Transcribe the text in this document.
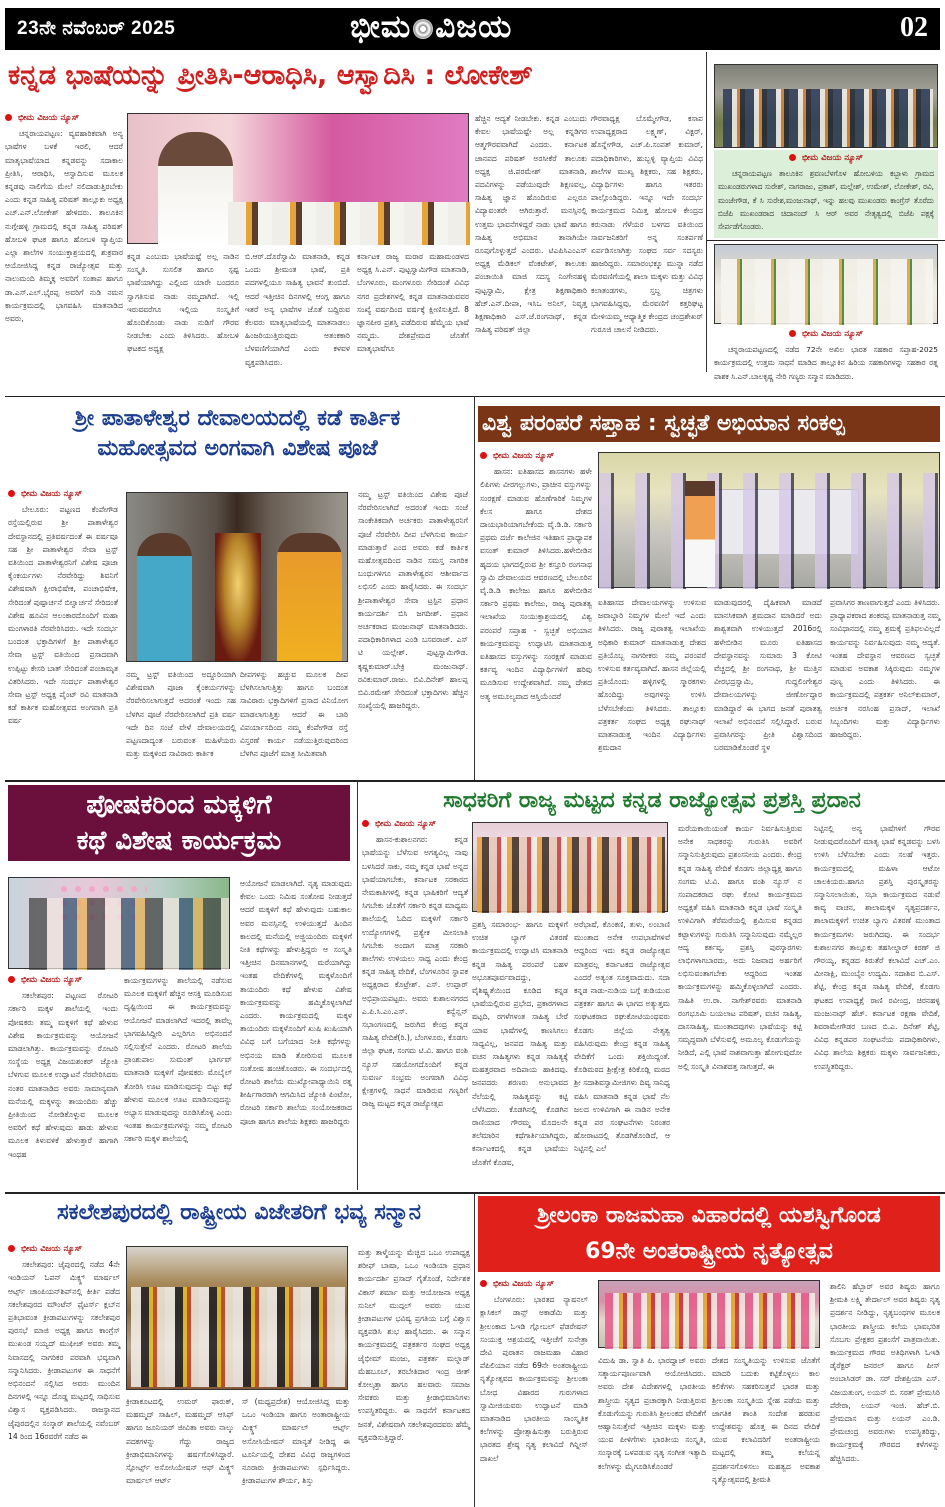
23ನೇ ನವೆಂಬರ್ 2025	ಭೀಮ ವಿಜಯ	02
ಕನ್ನಡ ಭಾಷೆಯನ್ನು ಪ್ರೀತಿಸಿ-ಆರಾಧಿಸಿ, ಆಸ್ವಾದಿಸಿ : ಲೋಕೇಶ್
ಭೀಮ ವಿಜಯ ನ್ಯೂಸ್

ಚನ್ನರಾಯಪಟ್ಟಣ: ವ್ಯವಹಾರಿಕವಾಗಿ ಅನ್ಯ ಭಾಷೆಗಳ ಬಳಕೆ ಇರಲಿ, ಆದರೆ ಮಾತೃಭಾಷೆಯಾದ ಕನ್ನಡವನ್ನು ಸದಾಕಾಲ ಪ್ರೀತಿಸಿ, ಆರಾಧಿಸಿ, ಆಸ್ವಾದಿಸುವ ಮೂಲಕ ಕನ್ನಡವು ನಾಲಿಗೆಯ ಮೇಲೆ ನಲಿದಾಡುತ್ತಿರಬೇಕು ಎಂದು ಕನ್ನಡ ಸಾಹಿತ್ಯ ಪರಿಷತ್ ತಾಲ್ಲೂಕು ಅಧ್ಯಕ್ಷ ಎಚ್.ಎನ್.ಲೋಕೇಶ್ ಹೇಳಿದರು. ತಾಲೂಕಿನ ನುಗ್ಗೇಹಳ್ಳಿ ಗ್ರಾಮದಲ್ಲಿ ಕನ್ನಡ ಸಾಹಿತ್ಯ ಪರಿಷತ್ ಹೋಬಳಿ ಘಟಕ ಹಾಗೂ ಹೋಬಳಿ ವ್ಯಾಪ್ತಿಯ ಎಲ್ಲಾ ಶಾಲೆಗಳ ಸಂಯುಕ್ತಾಶ್ರಯದಲ್ಲಿ ಶುಕ್ರವಾರ ಆಯೋಜಿಸಿದ್ದ ಕನ್ನಡ ರಾಜ್ಯೋತ್ಸವ ಮತ್ತು ನಾಲುಮಂದಿ ತಿಮ್ಮಕ್ಕ ಅವರಿಗೆ ಸಂತಾಪ ಹಾಗೂ ಡಾ.ಎಸ್.ಎಲ್.ಭೈರಪ್ಪ ಅವರಿಗೆ ನುಡಿ ನಮನ ಕಾರ್ಯಕ್ರಮದಲ್ಲಿ ಭಾಗವಹಿಸಿ ಮಾತನಾಡಿದ ಅವರು,

ಕನ್ನಡ ಎಂಬುದು ಭಾಷೆಯಷ್ಟೆ ಅಲ್ಲ ನಾಡಿನ ಸಂಸ್ಕೃತಿ. ಸುಸಲಿತ ಹಾಗೂ ಸ್ಪಷ್ಟ ಭಾಷೆಯಾಗಿದ್ದು ಎಲ್ಲಿಂದ ಯಾರೇ ಬಂದರೂ ಸ್ವಾಗತಿಸುವ ನಾಡು ನಮ್ಮದಾಗಿದೆ. ಇಲ್ಲಿ ಇರುವವರೆಗೂ ಇಲ್ಲಿಯ ಸಂಸ್ಕೃತಿಗೆ ಹೊಂದಿಕೊಂಡು ನಾಡು ನುಡಿಗೆ ಗೌರವ ನೀಡಬೇಕು ಎಂದು ತಿಳಿಸಿದರು. ಹೋಬಳಿ ಘಟಕದ ಅಧ್ಯಕ್ಷ
ಬಿ.ಆರ್.ದೊರೆಸ್ವಾಮಿ ಮಾತನಾಡಿ, ಕನ್ನಡ ಒಂದು ಶ್ರೀಮಂತ ಭಾಷೆ, ಪ್ರತಿ ಪದಗಳಲ್ಲಿಯೂ ಸಾಹಿತ್ಯ ಭಾವನೆ ತುಂಬಿದೆ. ಆದರೆ ಇತ್ತೀಚಿನ ದಿನಗಳಲ್ಲಿ ಆಂಗ್ಲ ಹಾಗೂ ಇತರೆ ಅನ್ಯ ಭಾಷೆಗಳ ಜೊತೆ ಬದ್ದಿರುವ ಕೆಲವರು ಮಾತೃಭಾಷೆಯಲ್ಲಿ ಮಾತನಾಡಲು ಹಿಂಜರಿಯುತ್ತಿರುವುದು ಆತಂಕಕಾರಿ ಬೆಳವಣಿಗೆಯಾಗಿದೆ ಎಂದು ಕಳವಳ ವ್ಯಕ್ತಪಡಿಸಿದರು.
ಕರ್ನಾಟಕ ರಾಜ್ಯ ಮರಾಠ ಮಹಾಮಂಡಳದ ಅಧ್ಯಕ್ಷ ಸಿ.ಎನ್. ಪುಟ್ಟಸ್ವಾಮಿಗೌಡ ಮಾತನಾಡಿ, ಬೆಂಗಳೂರು, ಮಂಗಳೂರು ಸೇರಿದಂತೆ ವಿವಿಧ ನಗರ ಪ್ರದೇಶಗಳಲ್ಲಿ ಕನ್ನಡ ಮಾತನಾಡುವವರ ಸಂಖ್ಯೆ ವರ್ಷದಿಂದ ವರ್ಷಕ್ಕೆ ಕ್ಷೀಣಿಸುತ್ತಿದೆ. 8 ಜ್ಞಾನಪೀಠ ಪ್ರಶಸ್ತಿ ಪಡೆದಿರುವ ಹೆಮ್ಮೆಯ ಭಾಷೆ ನಮ್ಮದು. ದೇಶಪ್ರೇಮದ ಜೊತೆಗೆ ಮಾತೃಭಾಷೆಗೂ
ಹೆಚ್ಚಿನ ಆದ್ಯತೆ ನೀಡಬೇಕು. ಕನ್ನಡ ಎಂಬುದು ಕೇವಲ ಭಾಷೆಯಷ್ಟೇ ಅಲ್ಲ ಕನ್ನಡಿಗರ ಆತ್ಮಗೌರವವಾಗಿದೆ ಎಂದರು. ಕರ್ನಾಟಕ ಜಾನಪದ ಪರಿಷತ್ ಅರಸೀಕೆರೆ ತಾಲೂಕು ಅಧ್ಯಕ್ಷ ಜಿ.ಪರಮೇಶ್ ಮಾತನಾಡಿ, ಪದವಿಗಳನ್ನು ಪಡೆಯುವುದೇ ಶಿಕ್ಷಣವಲ್ಲ, ಸಾಹಿತ್ಯ ಜ್ಞಾನ ಹೊಂದಿರುವ ಎಲ್ಲರೂ ವಿದ್ಯಾವಂತರೇ ಆಗಿರುತ್ತಾರೆ. ಮನಸ್ಸಿನಲ್ಲಿ ಉತ್ತಮ ಭಾವನೆಗಳಿದ್ದರೆ ನಾಡು ಭಾಷೆ ಹಾಗೂ ಸಾಹಿತ್ಯ ಅಭಿಮಾನ ತಾನಾಗಿಯೇ ರೂಪುಗೊಳ್ಳುತ್ತದೆ ಎಂದರು. ಟಿಎಪಿಸಿಎಂಎಸ್ ಅಧ್ಯಕ್ಷ ಮೆಡಿಕಲ್ ವೆಂಕಟೇಶ್, ತಾಲೂಕು ಪಂಚಾಯಿತಿ ಮಾಜಿ ಸದಸ್ಯ ನಿಂಗೇನಹಳ್ಳಿ ಪುಟ್ಟಸ್ವಾಮಿ, ಕ್ಷೇತ್ರ ಶಿಕ್ಷಣಾಧಿಕಾರಿ ಹೆಚ್.ಎನ್.ದೀಪಾ, ಇಸಿಒ ಅನಿಲ್, ನಿವೃತ್ತ ಶಿಕ್ಷಣಾಧಿಕಾರಿ ಎಸ್.ಜೆ.ರಂಗನಾಥ್, ಕನ್ನಡ ಸಾಹಿತ್ಯ ಪರಿಷತ್ ಜಿಲ್ಲಾ
ಗೌರವಾಧ್ಯಕ್ಷ ಬೊಮ್ಮೇಗೌಡ, ಕಸಾಪ ಉಪಾಧ್ಯಕ್ಷರಾದ ಲಕ್ಷ್ಮಣ್, ವಿಕ್ಟರ್, ಹೊನ್ನೇಗೌಡ, ಎಚ್.ಪಿ.ಸಂಪತ್ ಕುಮಾರ್, ಪದಾಧಿಕಾರಿಗಳು, ಹುಬ್ಬಳ್ಳಿ ವ್ಯಾಪ್ತಿಯ ವಿವಿಧ ಶಾಲೆಗಳ ಮುಖ್ಯ ಶಿಕ್ಷಕರು, ಸಹ ಶಿಕ್ಷಕರು, ವಿದ್ಯಾರ್ಥಿಗಳು ಹಾಗೂ ಇತರರು ಪಾಲ್ಗೊಂಡಿದ್ದರು. ಇನ್ನೂ ಇದೇ ಸಂದರ್ಭ ಕಾರ್ಯಕ್ರಮದ ನಿಮಿತ್ತ ಹೋಬಳಿ ಕೇಂದ್ರದ ಕರುನಾಡು ಗೆಳೆಯರ ಬಳಗದ ವತಿಯಿಂದ ಸಾರ್ವಜನಿಕರಿಗೆ ಅನ್ನ ಸಂತರ್ಪಣೆ ಏರ್ಪಡಿಸಲಾಗಿತ್ತು ಸಂಘದ ಸರ್ವ ಸದಸ್ಯರು ಹಾಜರಿದ್ದರು. ಸಮಾರಂಭಕ್ಕೂ ಮುನ್ನಾ ನಡೆದ ಮೆರವಣಿಗೆಯಲ್ಲಿ ಶಾಲಾ ಮಕ್ಕಳು ಮತ್ತು ವಿವಿಧ ಕಲಾತಂಡಗಳು, ಸ್ತಬ್ಧ ಚಿತ್ರಗಳು ಭಾಗವಹಿಸಿದ್ದವು, ಮೆರವಣಿಗೆ ಕತ್ತರಿಘಟ್ಟ ಮೇಳಿಯಮ್ಮ ಆಧ್ಯಾತ್ಮಿಕ ಕೇಂದ್ರದ ಚಂದ್ರಶೇಖರ್ ಗುರೂಜಿ ಚಾಲನೆ ನೀಡಿದರು.
ಭೀಮ ವಿಜಯ ನ್ಯೂಸ್

ಚನ್ನರಾಯಪಟ್ಟಣ ತಾಲೂಕಿನ ಶ್ರವಣಬೆಳಗೊಳ ಹೋಬಳಿಯ ಕಬ್ಬಾಳು ಗ್ರಾಮದ ಮುಖಂಡರುಗಳಾದ ಸುರೇಶ್, ನಾಗರಾಜು, ಪ್ರಕಾಶ್, ಮಲ್ಲೇಶ್, ಉಮೇಶ್, ಲೋಕೇಶ್, ರವಿ, ಮಂಜೇಗೌಡ, ಕೆ ಸಿ ಸುರೇಶ,ಮಂಜುನಾಥ್, ಇನ್ನು ಹಲವು ಮುಖಂಡರು ಕಾಂಗ್ರೆಸ್ ತೊರೆದು ಬಿಜೆಪಿ ಮುಖಂಡರಾದ ಚಿದಾನಂದ್ ಸಿ ಆರ್ ಅವರ ನೇತೃತ್ವದಲ್ಲಿ ಬಿಜೆಪಿ ಪಕ್ಷಕ್ಕೆ ಸೇರ್ಪಡೆಗೊಂಡರು.

ಭೀಮ ವಿಜಯ ನ್ಯೂಸ್

ಚನ್ನರಾಯಪಟ್ಟಣದಲ್ಲಿ ನಡೆದ 72ನೇ ಅಖಿಲ ಭಾರತ ಸಹಕಾರ ಸಪ್ತಾಹ-2025 ಕಾರ್ಯಕ್ರಮದಲ್ಲಿ ಉತ್ತಮ ಸಾಧನೆ ಮಾಡಿದ ತಾಲ್ಲೂಕಿನ ಹಿರಿಯ ಸಹಕಾರಿಗಳನ್ನು ಸಹಕಾರ ರತ್ನ ಪಾಶಕ ಸಿ.ಎನ್.ಬಾಲಕೃಷ್ಣ ನೇರಿ ಗಣ್ಯರು ಸನ್ಮಾನ ಮಾಡಿದರು.

ಶ್ರೀ ಪಾತಾಳೇಶ್ವರ ದೇವಾಲಯದಲ್ಲಿ ಕಡೆ ಕಾರ್ತಿಕ
ಮಹೋತ್ಸವದ ಅಂಗವಾಗಿ ವಿಶೇಷ ಪೂಜೆ
ಭೀಮ ವಿಜಯ ನ್ಯೂಸ್

ಬೇಲೂರು: ಪಟ್ಟಣದ ಕೆಂಪೇಗೌಡ ರಸ್ತೆಯಲ್ಲಿರುವ ಶ್ರೀ ಪಾತಾಳೇಶ್ವರ ದೇವಸ್ಥಾನದಲ್ಲಿ ಪ್ರತಿವರ್ಷದಂತೆ ಈ ವರ್ಷವೂ ಸಹ ಶ್ರೀ ಪಾತಾಳೇಶ್ವರ ಸೇವಾ ಟ್ರಸ್ಟ್ ವತಿಯಿಂದ ಪಾತಾಳೇಶ್ವರನಿಗೆ ವಿಶೇಷ ಪೂಜಾ ಕೈಂಕರ್ಯಗಳು ನೆರವೇರಿದ್ದು ಶಿವನಿಗೆ ವಿಶೇಷವಾಗಿ ಕ್ಷೀರಾಭಿಷೇಕ, ಪಂಚಾಭಿಷೇಕ, ಸೇರಿದಂತೆ ಪುಷ್ಪಾರ್ಚನೆ ಬಿಲ್ವಾರ್ಚನೆ ಸೇರಿದಂತೆ ವಿಶೇಷ ಹೂವಿನ ಆಲಂಕಾರದೊಂದಿಗೆ ಮಹಾ ಮಂಗಳಾರತಿ ನೆರವೇರಿಸಿದರು. ಇದೇ ಸಂದರ್ಭ ಬಂದಂತ ಭಕ್ತಾದಿಗಳಿಗೆ ಶ್ರೀ ಪಾತಾಳೇಶ್ವರ ಸೇವಾ ಟ್ರಸ್ಟ್ ವತಿಯಿಂದ ಪ್ರಸಾದವಾಗಿ ಉಪ್ಪಿಟ್ಟು ಕೇಸರಿ ಬಾತ್ ಸೇರಿದಂತೆ ಪಂಚಾಮೃತ ವಿತರಿಸಿದರು. ಇದೇ ಸಂದರ್ಭ ಪಾತಾಳೇಶ್ವರ ಸೇವಾ ಟ್ರಸ್ಟ್ ಅಧ್ಯಕ್ಷ ಪೈಂಟ್ ರವಿ ಮಾತನಾಡಿ ಕಡೆ ಕಾರ್ತಿಕ ಮಹೋತ್ಸವದ ಅಂಗವಾಗಿ ಪ್ರತಿ ವರ್ಷ

ನಮ್ಮ ಟ್ರಸ್ಟ್ ವತಿಯಿಂದ ಅದ್ದೂರಿಯಾಗಿ ವಿಶೇಷವಾಗಿ ಪೂಜಾ ಕೈಂಕರ್ಯಗಳನ್ನು ನೆರವೇರಿಸಲಾಗುತ್ತದೆ ಅದರಂತೆ ಇಂದು ಸಹ ಬೆಳಗಿನ ಪೂಜೆ ನೆರವೇರಿಸಲಾಗಿದೆ ಪ್ರತಿ ವರ್ಷ ಇದೇ ದಿನ ಸಂಜೆ ವೇಳೆ ದೇವಾಲಯದಲ್ಲಿ ಪಟ್ಟಣದಾದ್ಯಂತ ಬರುವಂತ ಮಹಿಳೆಯರು ಮತ್ತು ಮಕ್ಕಳಿಂದ ಸಾವಿರಾರು ಕಾರ್ತಿಕ
ದೀಪಗಳನ್ನು ಹಚ್ಚುವ ಮೂಲಕ ದೀಪ ಬೆಳಗಿಸಲಾಗುತ್ತಿತ್ತು ಹಾಗೂ ಬಂದಂತ ಸಾವಿರಾರು ಭಕ್ತಾದಿಗಳಿಗೆ ಪ್ರಸಾದ ವಿನಿಯೋಗ ಮಾಡಲಾಗುತ್ತಿತ್ತು ಆದರೆ ಈ ಬಾರಿ ವಿಪರ್ಯಾಸದಿಂದ ನಮ್ಮ ಕೆಂಪೇಗೌಡ ರಸ್ತೆ ವಿಸ್ತರಣೆ ಕಾರ್ಯ ನಡೆಯುತ್ತಿರುವುದರಿಂದ ಬೆಳಗಿನ ಪೂಜೆಗೆ ಮಾತ್ರ ಸೀಮಿತವಾಗಿ
ನಮ್ಮ ಟ್ರಸ್ಟ್ ವತಿಯಿಂದ ವಿಶೇಷ ಪೂಜೆ ನೆರವೇರಿಸಲಾಗಿದೆ ಅದರಂತೆ ಇಂದು ಸಂಜೆ ಸಾಂಕೇತಿಕವಾಗಿ ಅರ್ಚಕರು ಪಾತಾಳೇಶ್ವರನಿಗೆ ಪೂಜೆ ನೆರವೇರಿಸಿ ದೀಪ ಬೆಳಗಿಸುವ ಕಾರ್ಯ ಮಾಡುತ್ತಾರೆ ಎಂದ ಅವರು ಕಡೆ ಕಾರ್ತಿಕ ಮಹೋತ್ಸವದಿಂದ ನಾಡಿನ ಸಮಸ್ತ ನಾಗರಿಕ ಬಂಧುಗಳಿಗೂ ಪಾತಾಳೇಶ್ವರನ ಆಶೀರ್ವಾದ ಲಭಿಸಲಿ ಎಂದು ಹಾರೈಸಿದರು. ಈ ಸಂದರ್ಭ ಶ್ರೀಪಾತಾಳೇಶ್ವರ ಸೇವಾ ಟ್ರಸ್ಟಿನ ಪ್ರಧಾನ ಕಾರ್ಯದರ್ಶಿ ಬಿಸಿ ಜಗದೀಶ್. ಪ್ರಧಾನ ಅರ್ಚಕರಾದ ಮಂಜುನಾಥ್ ಮಾತನಾಡಿದರು. ಪದಾಧಿಕಾರಿಗಳಾದ ಎಂಡಿ ಬಸವರಾಜ್. ಎಸ್ ಟಿ ಯಲ್ಲೇಶ್. ಪುಟ್ಟಸ್ವಾಮಿಗೌಡ. ಕೃಷ್ಣಕುಮಾರ್.ಬೇಕ್ರಿ ಮಂಜುನಾಥ್. ರವಿಕುಮಾರ್.ರಾಜು. ಬಿವಿ.ದಿನೇಶ್ ಹಾಲಪ್ಪ ಬಿವಿ.ರಮೇಶ್ ಸೇರಿದಂತೆ ಭಕ್ತಾದಿಗಳು ಹೆಚ್ಚಿನ ಸಂಖ್ಯೆಯಲ್ಲಿ ಹಾಜರಿದ್ದರು.
ವಿಶ್ವ ಪರಂಪರೆ ಸಪ್ತಾಹ : ಸ್ವಚ್ಛತೆ ಅಭಿಯಾನ ಸಂಕಲ್ಪ
ಭೀಮ ವಿಜಯ ನ್ಯೂಸ್

ಹಾಸನ: ಐತಿಹಾಸದ ಶಾಸನಗಳು ಹಳೇ ಲಿಪಿಗಳು ವೀರಗಲ್ಲುಗಳು, ಪ್ರಾಚೀನ ವಸ್ತುಗಳನ್ನು ಸಂರಕ್ಷಣೆ ಮಾಡುವ ಹೊಣೆಗಾರಿಕೆ ನಿಮ್ಮಗಳ ಕೆಲಸ ಹಾಗೂ ದೇಶದ ದಾಯಭಾರಿಯಾಗಬೇಕೆಂದು ವೈ.ಡಿ.ಡಿ. ಸರ್ಕಾರಿ ಪ್ರಥಮ ದರ್ಜೆ ಕಾಲೇಜಿನ ಇತಿಹಾಸ ಪ್ರಾಧ್ಯಾಪಕ ವಸಂತ್ ಕುಮಾರ್ ತಿಳಿಸಿದರು.ಹಳೇಬೀಡಿನ ಹೃದಯ ಭಾಗದಲ್ಲಿರುವ ಶ್ರೀ ಕಸ್ತೂರಿ ರಂಗನಾಥ ಸ್ವಾಮಿ ದೇವಾಲಯದ ಆವರಣದಲ್ಲಿ ಬೇಲೂರಿನ ವೈ.ಡಿ.ಡಿ ಕಾಲೇಜು ಹಾಗೂ ಹಳೇಬೀಡಿನ ಸರ್ಕಾರಿ ಪ್ರಥಮ ಕಾಲೇಜು, ರಾಜ್ಯ ಪುರಾತತ್ವ ಇಲಾಖೆಯ ಸಂಯುಕ್ತಾಶ್ರಯದಲ್ಲಿ ವಿಶ್ವ ಪರಂಪರೆ ಸಪ್ತಾಹ - ಸ್ವಚ್ಛತೆ ಅಭಿಯಾನ ಕಾರ್ಯಕ್ರಮವನ್ನು ಉದ್ಘಾಟಿಸಿ ಮಾತನಾಡುತ್ತ ಐತಿಹಾಸದ ವಸ್ತುಗಳನ್ನು ಸಂರಕ್ಷಣೆ ಮಾಡುವ ಕರ್ತವ್ಯ ಇಂದಿನ ವಿದ್ಯಾರ್ಥಿಗಳಿಗೆ ಹರಿವು ಮೂಡಿಸುವ ಉದ್ದೇಶವಾಗಿದೆ. ನಮ್ಮ ದೇಶದ ಅತ್ಯ ಅಮೂಲ್ಯವಾದ ಆಸ್ತಿಯೆಂದರೆ

ಐತಿಹಾಸದ ದೇವಾಲಯಗಳನ್ನು ಉಳಿಸುವ ಜವಾಬ್ದಾರಿ ನಿಮ್ಮಗಳ ಮೇಲೆ ಇದೆ ಎಂದು ತಿಳಿಸಿದರು. ರಾಜ್ಯ ಪುರಾತತ್ವ ಇಲಾಖೆಯ ಅಧಿಕಾರಿ ಕುಮಾರ್ ಮಾತನಾಡುತ್ತ ದೇಶದ ಪ್ರತಿಯೊಬ್ಬ ನಾಗರೀಕರು ನಮ್ಮ ಪರಂಪರೆ ಉಳಿಸುವ ಕರ್ತವ್ಯವಾಗಿದೆ. ಹಾಸನ ಜಿಲ್ಲೆಯಲ್ಲಿ ಪ್ರತಿಯೊಂದು ಹಳ್ಳಿಗಳಲ್ಲಿ ಸ್ಮಾರಕಗಳು ಹೊಂದಿದ್ದು ಅವುಗಳನ್ನು ಉಳಿಸಿ ಬೆಳೆಸಬೇಕೆಂದು ತಿಳಿಸಿದರು. ತಾಲ್ಲೂಕು ಪತ್ರಕರ್ತ ಸಂಘದ ಅಧ್ಯಕ್ಷ ರಘುನಾಥ್ ಮಾತನಾಡುತ್ತ ಇಂದಿನ ವಿದ್ಯಾರ್ಥಿಗಳು ಶ್ರಮದಾನ
ಮಾಡುವುದರಲ್ಲಿ ದೈಹಿಕವಾಗಿ ಮಾಡದೆ ಮಾನಸಿಕವಾಗಿ ಶ್ರಮದಾನ ಮಾಡಿದರೆ ಅದು ಶಾಶ್ವತವಾಗಿ ಉಳಿಯುತ್ತದೆ 2016ರಲ್ಲಿ ಹಳೇಬೀಡಿನ ಮೂರು ಐತಿಹಾಸದ ದೇವಸ್ಥಾನವನ್ನು ಸುಮಾರು 3 ಕೋಟಿ ವೆಚ್ಚದಲ್ಲಿ ಶ್ರೀ ರಂಗನಾಥ, ಶ್ರೀ ಮುತ್ತಿನ ವೀರಭದ್ರಸ್ವಾಮಿ, ಗುದ್ದಲಿಂಗೇಶ್ವರ ದೇವಾಲಯಗಳನ್ನು ಜೀರ್ಣೋದ್ಧಾರ ಮಾಡಿದ್ದಾರೆ ಈ ಭಾಗದ ಜನತೆ ಪುರಾತತ್ವ ಇಲಾಖೆ ಅಭಿನಂದನೆ ಸಲ್ಲಿಸಿದ್ದಾರೆ. ಬರುವ ಪ್ರವಾಸಿಗರನ್ನು ಪ್ರೀತಿ ವಿಶ್ವಾಸದಿಂದ ಬರಮಾಡಿಕೊಂಡರೆ ಸ್ಥಳ
ಪ್ರವಾಸಿಗರ ತಾಣವಾಗುತ್ತದೆ ಎಂದು ತಿಳಿಸಿದರು. ಪ್ರಾಧ್ಯಾಪಕರಾದ ಶಂಕರಪ್ಪ ಮಾತನಾಡುತ್ತ ನಮ್ಮ ಸಂವಿಧಾನದಲ್ಲಿ ನಮ್ಮ ಶ್ರಮಕ್ಕೆ ಪ್ರತಿಫಲವಿಲ್ಲದೆ ಕಾರ್ಯವನ್ನು ನಿರ್ವಹಿಸುವುದು ನಮ್ಮ ಆದ್ಯತೆ. ಇಂತಹ ದೇವಸ್ಥಾನ ಆವರಣದ ಸ್ವಚ್ಛತೆ ಮಾಡುವ ಅವಕಾಶ ಸಿಕ್ಕಿರುವುದು ನಮ್ಮಗಳ ಪುಣ್ಯ ಎಂದು ತಿಳಿಸಿದರು. ಈ ಕಾರ್ಯಕ್ರಮದಲ್ಲಿ ಪತ್ರಕರ್ತ ಅನಿಲ್‌ಕುಮಾರ್, ಅರ್ಚಕ ನರಸಿಂಹ ಪ್ರಸಾದ್, ಇಲಾಖೆ ಸಿಬ್ಬಂದಿಗಳು ಮತ್ತು ವಿದ್ಯಾರ್ಥಿಗಳು ಹಾಜರಿದ್ದರು.
ಪೋಷಕರಿಂದ ಮಕ್ಕಳಿಗೆ
ಕಥೆ ವಿಶೇಷ ಕಾರ್ಯಕ್ರಮ
ಭೀಮ ವಿಜಯ ನ್ಯೂಸ್

ಸಕಲೇಶಪುರ: ಪಟ್ಟಣದ ರೋಟರಿ ಸರ್ಕಾರಿ ಮಕ್ಕಳ ಶಾಲೆಯಲ್ಲಿ ಇಂದು ಪೋಷಕರು ತಮ್ಮ ಮಕ್ಕಳಿಗೆ ಕಥೆ ಹೇಳುವ ವಿಶೇಷ ಕಾರ್ಯಕ್ರಮವನ್ನು ಆಯೋಜನೆ ಮಾಡಲಾಗಿತ್ತು. ಕಾರ್ಯಕ್ರಮವನ್ನು ರೋಟರಿ ಸಂಸ್ಥೆಯ ಅಧ್ಯಕ್ಷ ವಿಜಯಶಂಕರ್ ಜ್ಯೋತಿ ಬೆಳಗುವ ಮೂಲಕ ಉದ್ಘಾಟನೆ ನೆರವೇರಿಸಿದರು ನಂತರ ಮಾತನಾಡಿದ ಅವರು ಸಾಮಾನ್ಯವಾಗಿ ಮನೆಯಲ್ಲಿ ಮಕ್ಕಳನ್ನು ತಾಯಂದಿರು ಹೆಚ್ಚು ಪ್ರೀತಿಯಿಂದ ನೋಡಿಕೊಳ್ಳುವ ಮೂಲಕ ಅವರಿಗೆ ಕಥೆ ಹೇಳುವುದು ಹಾಡು ಹೇಳುವ ಮೂಲಕ ತಿಳುವಳಿಕೆ ಹೇಳುತ್ತಾರೆ ಹಾಗಾಗಿ ಇಂಥಹ

ಕಾರ್ಯಕ್ರಮಗಳನ್ನು ಶಾಲೆಯಲ್ಲಿ ನಡೆಸುವ ಮೂಲಕ ಮಕ್ಕಳಿಗೆ ಹೆಚ್ಚಿನ ಆಸಕ್ತಿ ಮೂಡಿಸುವ ದೃಷ್ಟಿಯಿಂದ ಈ ಕಾರ್ಯಕ್ರಮವನ್ನು ಆಯೋಜನೆ ಮಾಡಲಾಗಿದೆ ಇದರಲ್ಲಿ ತಾವೆಲ್ಲ ಭಾಗವಹಿಸಿದ್ದೀರಿ ಎಲ್ಲರಿಗೂ ಅಭಿನಂದನೆ ಸಲ್ಲಿಸುತ್ತೇನೆ ಎಂದರು. ರೋಟರಿ ಶಾಲೆಯ ಪ್ರಾಂಶುಪಾಲ ಸುಮಂತ್ ಭಾರ್ಗವ್ ಮಾತನಾಡಿ ಮಕ್ಕಳಿಗೆ ಪೋಷಕರು ಮೊಬೈಲ್ ತೋರಿಸಿ ಊಟ ಮಾಡಿಸುವುದನ್ನು ಬಿಟ್ಟು ಕಥೆ ಹೇಳುವ ಮೂಲಕ ಊಟ ಮಾಡಿಸುವುದನ್ನು ಅಭ್ಯಾಸ ಮಾಡುವುದನ್ನು ರೂಡಿಸಿಕೊಳ್ಳಿ ಎಂದು ಇಂತಹ ಕಾರ್ಯಕ್ರಮಗಳನ್ನು ನಮ್ಮ ರೋಟರಿ ಸರ್ಕಾರಿ ಮಕ್ಕಳ ಶಾಲೆಯಲ್ಲಿ
ಆಯೋಜನೆ ಮಾಡಲಾಗಿದೆ. ನೃತ್ಯ ಮಾಡುವುದು ಕೇವಲ ಒಂದು ನಿಮಿಷ ಸಂತೋಷ ನೀಡುತ್ತದೆ ಆದರೆ ಮಕ್ಕಳಿಗೆ ಕಥೆ ಹೇಳುವುದು ಬಹುಕಾಲ ಅವರ ಮನಸ್ಸಿನಲ್ಲಿ ಉಳಿಯುತ್ತದೆ ಹಿಂದಿನ ಕಾಲದಲ್ಲಿ ಮನೆಯಲ್ಲಿ ಅಜ್ಜಿಯಂದಿರು ಮಕ್ಕಳಿಗೆ ನೀತಿ ಕಥೆಗಳನ್ನು ಹೇಳುತ್ತಿದ್ದರು ಆ ಸಂಸ್ಕೃತಿ ಇತ್ತೀಚಿನ ದಿನಮಾನಗಳಲ್ಲಿ ಮರೆಯಾಗಿದ್ದು ಇಂತಹ ವೇದಿಕೆಗಳಲ್ಲಿ ಮಕ್ಕಳೊಂದಿಗೆ ತಾಯಂದಿರು ಕಥೆ ಹೇಳುವ ವಿಶೇಷ ಕಾರ್ಯಕ್ರಮವನ್ನು ಹಮ್ಮಿಕೊಳ್ಳಲಾಗಿದೆ ಎಂದರು. ಕಾರ್ಯಕ್ರಮದಲ್ಲಿ ಮಕ್ಕಳ ತಾಯಂದಿರು ಮಕ್ಕಳೊಂದಿಗೆ ಖುಷಿ ಖುಷಿಯಾಗಿ ವಿವಿಧ ಬಗೆ ಬಗೆಯಾದ ನೀತಿ ಕಥೆಗಳನ್ನು ಅಭಿನಯ ಮಾಡಿ ತೋರಿಸುವ ಮೂಲಕ ಸಂತೋಷ ಹಂಚಿಕೊಂಡರು. ಈ ಸಂದರ್ಭದಲ್ಲಿ ರೋಟರಿ ಶಾಲೆಯ ಮುಖ್ಯೋಪಾಧ್ಯಾಯಿನಿ ರತ್ನ ಶೀರ್ಷಿಗಾರರಾಗಿ ಆಗಮಿಸಿದ ಜ್ಯೋತಿ ಪಿಂಟೋ, ರೋಟರಿ ಸರ್ಕಾರಿ ಶಾಲೆಯ ಸಂಯೋಜಕರಾದ ಪೂಜಾ ಹಾಗೂ ಶಾಲೆಯ ಶಿಕ್ಷಕರು ಹಾಜರಿದ್ದರು
ಸಾಧಕರಿಗೆ ರಾಜ್ಯ ಮಟ್ಟದ ಕನ್ನಡ ರಾಜ್ಯೋತ್ಸವ ಪ್ರಶಸ್ತಿ ಪ್ರದಾನ
ಭೀಮ ವಿಜಯ ನ್ಯೂಸ್

ಹಾಸನ-ಕುಶಾಲನಗರ: ಕನ್ನಡ ಭಾಷೆಯನ್ನು ಬೆಳೆಸುವ ಅಗತ್ಯವಿಲ್ಲ ನಾವು ಬಳಸಿದರೆ ಸಾಕು, ನಮ್ಮ ಕನ್ನಡ ಭಾಷೆ ಅನ್ನದ ಭಾಷೆಯಾಗಬೇಕು, ಕರ್ನಾಟಕ ಸರಕಾರದ ನೇಮಕಾತಿಗಳಲ್ಲಿ ಕನ್ನಡ ಭಾಷಿಕರಿಗೆ ಆದ್ಯತೆ ಸಿಗಬೇಕು ಜೊತೆಗೆ ಸರ್ಕಾರಿ ಕನ್ನಡ ಮಾಧ್ಯಮ ಶಾಲೆಯಲ್ಲಿ ಓದಿದ ಮಕ್ಕಳಿಗೆ ಸರ್ಕಾರಿ ಉದ್ಯೋಗಗಳಲ್ಲಿ ಪ್ರತ್ಯೇಕ ಮೀಸಲಾತಿ ಸಿಗಬೇಕು ಅಂದಾಗ ಮಾತ್ರ ಸರಕಾರಿ ಶಾಲೆಗಳು ಉಳಿಯಲು ಸಾಧ್ಯ ಎಂದು ಕೇಂದ್ರ ಕನ್ನಡ ಸಾಹಿತ್ಯ ವೇದಿಕೆ, ಬೆಂಗಳೂರಿನ ಸ್ಥಾಪಕ ಅಧ್ಯಕ್ಷರಾದ ಕೊಟ್ರೇಶ್. ಎಸ್. ಉಪ್ಪಾರ್ ಅಭಿಪ್ರಾಯಪಟ್ಟರು. ಅವರು ಕುಶಾಲನಗರದ ಎ.ಪಿ.ಸಿ.ಎಂ.ಎಸ್. ಕನ್ವೆನ್ಷನ್ ಸಭಾಂಗಣದಲ್ಲಿ ಜರುಗಿದ ಕೇಂದ್ರ ಕನ್ನಡ ಸಾಹಿತ್ಯ ವೇದಿಕೆ(ರಿ.), ಬೆಂಗಳೂರು, ಕೊಡಗು ಜಿಲ್ಲಾ ಘಟಕ, ಸಂಗಮ ಟಿ.ವಿ. ಹಾಗೂ ವಂಶಿ ನ್ಯೂಸ್ ಸಹಯೋಗದೊಂದಿಗೆ ಕನ್ನಡ ಸುವರ್ಣ ಸಂಭ್ರಮ ಅಂಗವಾಗಿ ವಿವಿಧ ಕ್ಷೇತ್ರಗಳಲ್ಲಿ ಸಾಧನೆ ಮಾಡಿರುವ ಗಣ್ಯರಿಗೆ ರಾಜ್ಯ ಮಟ್ಟದ ಕನ್ನಡ ರಾಜ್ಯೋತ್ಸವ

ಪ್ರಶಸ್ತಿ ಸಮಾರಂಭ- ಹಾಗೂ ಮಕ್ಕಳಿಗೆ ಉಚಿತ ಬ್ಯಾಗ್ ವಿತರಣೆ ಕಾರ್ಯಕ್ರಮದಲ್ಲಿ ಉದ್ಘಾಟಿಸಿ ಮಾತನಾಡಿ ಕನ್ನಡ ಸಾಹಿತ್ಯ ಪರಂಪರೆ ಬಹಳ ಅಭೂತಪೂರ್ವವಾದದ್ದು, ವೈಶಿಷ್ಟ್ಯತೆಯಿಂದ ಕೂಡಿದ ಕನ್ನಡ ಭಾಷೆಯಲ್ಲಿರುವ ಪ್ರಭೇದ, ಪ್ರಕಾರಗಳಾದ ಷಟ್ಪದಿ, ರಗಳೆಗಳಂತ ಸಾಹಿತ್ಯ ಬೇರೆ ಯಾವ ಭಾಷೆಗಳಲ್ಲಿ ಕಾಣಸಿಗಲು ಸಾಧ್ಯವಿಲ್ಲ, ಜನಪದ ಸಾಹಿತ್ಯ ಮತ್ತು ವಚನ ಸಾಹಿತ್ಯಗಳು ಕನ್ನಡ ಸಾಹಿತ್ಯಕ್ಕೆ ಮಹತ್ತರವಾದ ಅದಿಪಾಯ ಹಾಕಿದವು. ಜನಪದರು ಶರಣರು ಅನುಭಾವದ ನೆಲೆಯಲ್ಲಿ ಸಾಹಿತ್ಯವನ್ನು ಕಟ್ಟಿ ಬೆಳೆಸಿದರು. ಕೊಡಗಿನಲ್ಲಿ ಕೊಡಗಿನ ರಾಣಿಯಾದ ಗೌರಮ್ಮ ಮೊದಲನೇ ತಲೆಮಾರಿನ ಕಥೆಗಾರ್ತಿಯಾಗಿದ್ದರು, ಕರ್ನಾಟಕದಲ್ಲಿ ಕನ್ನಡ ಭಾಷೆಯು ಜೊತೆಗೆ ಕೊಡವ,
ಅರೆಭಾಷೆ, ಕೊಂಕಣಿ, ತುಳು, ಲಂಬಾಣಿ ಮುಂತಾದ ಅನೇಕ ಉಪಭಾಷೆಗಳಿವೆ ಆದ್ದರಿಂದ ಇದು ಕನ್ನಡ ರಾಜ್ಯೋತ್ಸವ ಮಾತ್ರವಲ್ಲ ಕರ್ನಾಟಕದ ರಾಜ್ಯೋತ್ಸವ ಎಂದರೆ ಅತ್ಯಂತ ಸೂಕ್ತವಾದುದು. ಸದಾ ಕನ್ನಡ ನಾಡು-ನುಡಿಯ ಬಗ್ಗೆ ತುಡಿಯುವ ಪತ್ರಕರ್ತ ಹಾಗೂ ಈ ಭಾಗದ ಅತ್ಯುತ್ತಮ ಸಂಘಟಕರಾದ ರಘುಕೋಟಿಯಂಥವರು ಕೊಡಗು ಜಿಲ್ಲೆಯ ನೇತೃತ್ವ ವಹಿಸಿರುವುದು ಕೇಂದ್ರ ಕನ್ನಡ ಸಾಹಿತ್ಯ ವೇದಿಕೆಗೆ ಒಂದು ಶಕ್ತಿಯಿದ್ದಂತೆ. ಕೊಡಿಮಠದ ಶ್ರೀಕ್ಷೇತ್ರ ಕಿರಿಕೊಡ್ಲಿ ಮಠದ ಶ್ರೀ ಸದಾಶಿವಸ್ವಾಮೀಜಿಗಳು ದಿವ್ಯ ಸಾನಿಧ್ಯ ವಹಿಸಿ ಮಾತನಾಡಿ ಕನ್ನಡ ಭಾಷೆ ನೆಲ ಜಲದ ಉಳಿವಿಗಾಗಿ ಈ ನಾಡಿನ ಅನೇಕ ಕನ್ನಡ ಪರ ಸಂಘಟನೆಗಳು ನಿರಂತರ ಹೋರಾಟದಲ್ಲಿ ತೊಡಗಿಕೊಂಡಿದೆ, ಆ ನಿಟ್ಟಿನಲ್ಲಿ ಎಲೆ
ಮರೆಯಕಾಯಿಯಂತೆ ಕಾರ್ಯ ನಿರ್ವಹಿಸುತ್ತಿರುವ ಅನೇಕ ಸಾಧಕರನ್ನು ಗುರುತಿಸಿ ಅವರಿಗೆ ಸನ್ಮಾನಿಸುತ್ತಿರುವುದು ಪ್ರಶಂಸನೀಯ ಎಂದರು. ಕೇಂದ್ರ ಕನ್ನಡ ಸಾಹಿತ್ಯ ವೇದಿಕೆ ಕೊಡಗು ಜಿಲ್ಲಾಧ್ಯಕ್ಷ ಹಾಗೂ ಸಂಗಮ ಟಿ.ವಿ. ಹಾಗೂ ವಂಶಿ ನ್ಯೂಸ್ ನ ಸಂಪಾದಕರಾದ ರಘು ಕೋಟಿ ಕಾರ್ಯಕ್ರಮದ ಅಧ್ಯಕ್ಷತೆ ವಹಿಸಿ ಮಾತನಾಡಿ ಕನ್ನಡ ಭಾಷೆ ಸಂಸ್ಕೃತಿ ಉಳಿವಿಗಾಗಿ ತೆರೆಮರೆಯಲ್ಲಿ ಶ್ರಮಿಸುವ ಕನ್ನಡದ ಕಟ್ಟಾಳುಗಳನ್ನು ಗುರುತಿಸಿ ಸನ್ಮಾನಿಸುವುದು ನಮ್ಮೆಲ್ಲರ ಆದ್ಯ ಕರ್ತವ್ಯ, ಪ್ರಶಸ್ತಿ ಪುರಸ್ಕಾರಗಳು ಲಾಭಿಗಳಾಗಬಾರದು, ಅದು ನಿಜವಾದ ಅರ್ಹರಿಗೆ ಲಭಿಸುವಂತಾಗಬೇಕು ಆದ್ದರಿಂದ ಇಂತಹ ಕಾರ್ಯಕ್ರಮಗಳನ್ನು ಹಮ್ಮಿಕೊಳ್ಳಲಾಗಿದೆ ಎಂದರು. ಸಾಹಿತಿ ಉ.ರಾ. ನಾಗೇಶ್‌ರವರು ಮಾತನಾಡಿ ರಂಗಭೂಮಿ ಬಯಲಾಟ ಪರಿಷತ್, ವಚನ ಸಾಹಿತ್ಯ, ದಾಸಸಾಹಿತ್ಯ, ಮುಂತಾದವುಗಳು ಭಾಷೆಯನ್ನು ಕಟ್ಟಿ ಸಮೃದ್ಧವಾಗಿ ಬೆಳೆಸುವಲ್ಲಿ ಅಮೂಲ್ಯ ಕೊಡುಗೆಯನ್ನು ನೀಡಿದೆ, ಎಲ್ಲಿ ಭಾಷೆ ನಾಶವಾಗುತ್ತಾ ಹೋಗುವುದೋ ಅಲ್ಲಿ ಸಂಸ್ಕೃತಿ ವಿನಾಶದತ್ತ ಸಾಗುತ್ತದೆ, ಈ
ನಿಟ್ಟಿನಲ್ಲಿ ಅನ್ಯ ಭಾಷೆಗಳಿಗೆ ಗೌರವ ನೀಡುವುದರೊಂದಿಗೆ ಮಾತೃ ಭಾಷೆ ಕನ್ನಡವನ್ನು ಬಳಸಿ ಉಳಿಸಿ ಬೆಳೆಸಬೇಕು ಎಂದು ಸಲಹೆ ಇತ್ತರು. ಕಾರ್ಯಕ್ರಮದಲ್ಲಿ ಮಹಿಳಾ ಆಟೋ ಚಾಲಕಿಯರು.ಹಾಗೂ ಪ್ರಶಸ್ತಿ ಪುರಸ್ಕೃತರನ್ನು ಸನ್ಮಾನಿಸಲಾಯಿತು, ಸಭಾ ಕಾರ್ಯಕ್ರಮದ ನಡುವೆ ಕಾವ್ಯ ವಾಚನ, ಶಾಲಾಮಕ್ಕಳ ನೃತ್ಯಪ್ರದರ್ಶನ, ಶಾಲಾಮಕ್ಕಳಿಗೆ ಉಚಿತ ಬ್ಯಾಗು ವಿತರಣೆ ಮುಂತಾದ ಕಾರ್ಯಕ್ರಮಗಳು ಜರುಗಿದವು. ಈ ಸಂದರ್ಭ ಕುಶಾಲನಗರ ತಾಲ್ಲೂಕು ತಹಸೀಲ್ದಾರ್ ಕಿರಣ್ ಜಿ ಗೌರಯ್ಯ, ಕನ್ನಡದ ಕಿರುತೆರೆ ಕಲಾವಿದೆ ಎಚ್.ಎಂ. ಮೀನಾಕ್ಷಿ, ಮುಂಬೈನ ಉದ್ಯಮಿ. ಸದಾಶಿವ ಬಿ.ಎಸ್. ಶೆಟ್ಟಿ, ಕೇಂದ್ರ ಕನ್ನಡ ಸಾಹಿತ್ಯ ವೇದಿಕೆ, ಕೊಡಗು ಘಟಕದ ಉಪಾಧ್ಯಕ್ಷೆ ರಾಣಿ ರವೀಂದ್ರ, ಚಿರನಹಳ್ಳಿ ಮಂಜುನಾಥ್ ಹೆಚ್. ಕರ್ನಾಟಕ ರಕ್ಷಣಾ ವೇದಿಕೆ, ಶಿವರಾಮೇಗೌಡರ ಬಣದ ಬಿ.ಎ. ದಿನೇಶ್ ಶೆಟ್ಟಿ, ವಿವಿಧ ಕನ್ನಡಪರ ಸಂಘಟನೆಯ ಪದಾಧಿಕಾರಿಗಳು, ವಿವಿಧ ಶಾಲೆಯ ಶಿಕ್ಷಕರು ಮಕ್ಕಳು ಸಾರ್ವಜನಿಕರು, ಉಪಸ್ಥಿತರಿದ್ದರು.
ಸಕಲೇಶಪುರದಲ್ಲಿ ರಾಷ್ಟ್ರೀಯ ವಿಜೇತರಿಗೆ ಭವ್ಯ ಸನ್ಮಾನ
ಭೀಮ ವಿಜಯ ನ್ಯೂಸ್

ಸಕಲೇಶಪುರ: ಜೈಪುರದಲ್ಲಿ ನಡೆದ 4ನೇ ಇಂಡಿಯನ್ ಓಪನ್ ಮಿಕ್ಸ್ಡ್ ಮಾರ್ಷಲ್ ಆರ್ಟ್ಸ್ ಚಾಂಪಿಯನ್‌ಶಿಪ್‌ನಲ್ಲಿ ಕೀರ್ತಿ ಪಡೆದ ಸಕಲೇಶಪುರದ ಮೌಂಟೆನ್ ಫೈಟರ್ಸ್ ಕ್ಲಬ್‌ನ ಪ್ರತಿಭಾವಂತ ಕ್ರೀಡಾಪಟುಗಳನ್ನು ಸಕಲೇಶಪುರ ಪುರಸಭೆ ಮಾಜಿ ಅಧ್ಯಕ್ಷ ಹಾಗೂ ಕಾಂಗ್ರೆಸ್ ಮುಖಂಡ ಸಯ್ಯದ್ ಮುಫೀಜ್ ಅವರು ತಮ್ಮ ನಿವಾಸದಲ್ಲಿ ನಾಗರಿಕರ ಪರವಾಗಿ ಭವ್ಯವಾಗಿ ಸನ್ಮಾನಿಸಿದರು. ಕ್ರೀಡಾಪಟುಗಳ ಈ ಸಾಧನೆಗೆ ಅಭಿನಂದನೆ ಸಲ್ಲಿಸಿದ ಅವರು ಮುಂದಿನ ದಿನಗಳಲ್ಲಿ ಇನ್ನೂ ದೊಡ್ಡ ಮಟ್ಟದಲ್ಲಿ ಸಾಧಿಸುವ ವಿಶ್ವಾಸ ವ್ಯಕ್ತಪಡಿಸಿದರು. ರಾಜಸ್ಥಾನದ ಜೈಪುರದಲ್ಲಿನ ಸಂಸ್ಕಾರ್ ಶಾಲೆಯಲ್ಲಿ ನವೆಂಬರ್ 14 ರಿಂದ 16ರವರೆಗೆ ನಡೆದ ಈ

ಕ್ರೀಡಾಕೂಟದಲ್ಲಿ ಉಮರ್ ಫಾರುಕ್, ಮಹಮ್ಮದ್ ಸಾಹಿಲ್, ಮಹಮ್ಮದ್ ಆಸಿಫ್ ಹಾಗೂ ಜೂನಿಯರ್ ಜೀವಿತಾ ಅವರು ನಾಲ್ಕು ಪದಕಗಳನ್ನು ಗೆದ್ದು ರಾಜ್ಯದ ಕ್ರೀಡಾಭಿಮಾನಿಗಳನ್ನು ಹರ್ಷಗೊಳಿಸಿದ್ದಾರೆ. ಸ್ಪೋರ್ಟ್ಸ್ ಅಸೋಸಿಯೇಷನ್ ಆಫ್ ಮಿಕ್ಸ್ಡ್ ಮಾರ್ಷಲ್ ಆರ್ಟ್
ಸ್ (ಮಧ್ಯಪ್ರದೇಶ) ಆಯೋಜಿಸಿದ್ದ ಮತ್ತು ಒಒಂ ಇಂಡಿಯಾ ಹಾಗೂ ಅಂತಾರಾಷ್ಟ್ರೀಯ ಮಿಕ್ಸ್ಡ್ ಮಾರ್ಷಲ್ ಆರ್ಟ್ಸ್ ಅಸೋಸಿಯೇಷನ್ ಮಾನ್ಯತೆ ನೀಡಿದ್ದ ಈ ಟೂರ್ನಿಯಲ್ಲಿ ದೇಶದ ವಿವಿಧ ರಾಜ್ಯಗಳಿಂದ ನೂರಾರು ಕ್ರೀಡಾಪಟುಗಳು ಸ್ಪರ್ಧಿಸಿದ್ದರು. ಕ್ರೀಡಾಪಟುಗಳ ಶೌರ್ಯ, ಶಿಸ್ತು
ಮತ್ತು ತಾಳ್ಮೆಯನ್ನು ಮೆಚ್ಚಿದ ಒಒಂ ಉಪಾಧ್ಯಕ್ಷ ಶರೀಫ್ ಬಾಷಾ, ಒಒಂ ಇಂಡಿಯಾ ಪ್ರಧಾನ ಕಾರ್ಯದರ್ಶಿ ಪ್ರಸಾದ್ ಗೈತೊಂಡೆ, ನಿರ್ದೇಶಕ ವಿಕಾಸ್ ಶರ್ಮಾ ಮತ್ತು ಆಯೋಜನಾ ಅಧ್ಯಕ್ಷ ಸುನಿಲ್ ಮುದ್ಗಲ್ ಅವರು ಯುವ ಕ್ರೀಡಾಪಟುಗಳ ಭವಿಷ್ಯ ಪ್ರಗತಿಯ ಬಗ್ಗೆ ವಿಶ್ವಾಸ ವ್ಯಕ್ತಪಡಿಸಿ ಶುಭ ಹಾರೈಸಿದರು. ಈ ಸನ್ಮಾನ ಕಾರ್ಯಕ್ರಮದಲ್ಲಿ ಪತ್ರಕರ್ತರ ಸಂಘದ ಅಧ್ಯಕ್ಷ ಜೈಭೀಮ್ ಮಂಜು, ಪತ್ರಕರ್ತ ಮಲ್ನಾಡ್ ಮೆಹಬೂಬ್, ತರಬೇತಿದಾರ ಇಂದ್ರ ಜೀತ್ ಕೋಲ್ಕತ್ತಾ ಹಾಗೂ ಹಲವಾರು ಸಮಾಜ ಸೇವಕರು ಮತ್ತು ಕ್ರೀಡಾಭಿಮಾನಿಗಳು ಉಪಸ್ಥಿತರಿದ್ದರು. ಈ ಸಾಧನೆಗೆ ಕರ್ನಾಟಕದ ಜನತೆ, ವಿಶೇಷವಾಗಿ ಸಕಲೇಶಪುರದವರು ಹೆಮ್ಮೆ ವ್ಯಕ್ತಪಡಿಸುತ್ತಿದ್ದಾರೆ.
ಶ್ರೀಲಂಕಾ ರಾಜಮಹಾ ವಿಹಾರದಲ್ಲಿ ಯಶಸ್ವಿಗೊಂಡ
69ನೇ ಅಂತರಾಷ್ಟ್ರೀಯ ನೃತ್ಯೋತ್ಸವ
ಭೀಮ ವಿಜಯ ನ್ಯೂಸ್

ಬೆಂಗಳೂರು: ಭಾರತದ ನ್ಯಾಷನಲ್ ಕ್ಲಾಸಿಕಲ್ ಡಾನ್ಸ್ ಅಕಾಡೆಮಿ ಮತ್ತು ಶ್ರೀಲಂಕಾದ ಓಇಡಿ ಗ್ಲೋಬಲ್ ಫೆಡರೇಷನ್ ಸಂಯುಕ್ತ ಆಶ್ರಯದಲ್ಲಿ ಇತ್ತೀಚೆಗೆ ಸುನೇತ್ರಾ ದೇವಿ ಪುರಾತನ ರಾಜಮಹಾ ವಿಹಾರ ಪೆಪಿಲಿಯಾನ ನಡೆದ 69ನೇ ಅಂತರಾಷ್ಟ್ರೀಯ ನೃತ್ಯೋತ್ಸವದ ಕಾರ್ಯಕ್ರಮವನ್ನು ಶ್ರೀಲಂಕಾ ಬೋಧ ವಿಹಾರದ ಗುರುಗಳಾದ ಸ್ವಾಮೀಜಿಯವರು ಉದ್ಘಾಟನೆ ಮಾಡಿ ಮಾತನಾಡಿದ ಭಾರತೀಯ ಸಾಂಸ್ಕೃತಿಕ ಕಲೆಗಳನ್ನು ಪ್ರೋತ್ಸಾಹಿಸುತ್ತಾ ಬರುತ್ತಿರುವ ಭಾರತದ ಶ್ರೇಷ್ಠ ನೃತ್ಯ ಕಲಾವಿದೆ ಗಿನ್ನೀಸ್ ದಾಖಲೆ

ವಿದುಷಿ ಡಾ. ಸ್ವಾತಿ ಪಿ. ಭಾರದ್ವಾಜ್ ಅವರು ಸತ್ಕಾರ್ಯಪೂರ್ಣವಾಗಿ ಆಯೋಜಿಸಿದರು. ಅವರು ದೇಶ ವಿದೇಶಗಳಲ್ಲಿ ಭಾರತೀಯ ಶಾಸ್ತ್ರೀಯ ನೃತ್ಯದ ಪ್ರಚಾರಕ್ಕಾಗಿ ನೀಡುತ್ತಿರುವ ಕೊಡುಗೆಯನ್ನು ಗುರುತಿಸಿ ಶ್ರೀಲಂಕದ ವೇದಿಕೆಗೆ ಆಹ್ವಾನಿಸುತ್ತೇವೆ ಇತ್ತೀಚಿನ ಮಕ್ಕಳು ಮತ್ತು ಯುವ ಪೀಳಿಗೆಗಳು ಭಾರತೀಯ ಸಂಸ್ಕೃತಿ, ಸಂಸ್ಕಾರಕ್ಕೆ ಒಳಪಡುವ ನೃತ್ಯ ಸಂಗೀತ ಇತ್ಯಾದಿ ಕಲೆಗಳನ್ನು ಮೈಗೂಡಿಸಿಕೊಂಡರೆ
ದೇಶದ ಸಂಸ್ಕೃತಿಯನ್ನು ಉಳಿಸುವ ಜೊತೆಗೆ ಮಾದರಿ ಬದುಕು ಕಟ್ಟಿಕೊಳ್ಳಲು ಕಾಲ ಕಲಿಕೆಗಳು ಸಹಕರಿಸುತ್ತವೆ ಭಾರತ ಮತ್ತು ಶ್ರೀಲಂಕಾ ಸಂಸ್ಕೃತಿಯ ಸ್ನೇಹ ಪಡೆಯ ಮತ್ತು ಜಾಗತಿಕ ಶಾಂತಿ ಸಂದೇಶ ಹರಡುವ ಉದ್ದೇಶವನ್ನು ಹೊತ್ತ ಈ ದಿನದ ವೇದಿಕೆ ಯುವ ಕಲಾವಿದರಿಗೆ ಅಂತರಾಷ್ಟ್ರೀಯ ಮಟ್ಟದಲ್ಲಿ ತಮ್ಮ ಕಲೆಯನ್ನ ಪ್ರದರ್ಶನಗೊಳಿಸಲು ಮಹತ್ವದ ಅವಕಾಶ ನೃತ್ಯೋತ್ಸವದಲ್ಲಿ ಶ್ರೀಮತಿ
ಶಾಲಿನಿ ಹೆಬ್ಬಾರ್ ಅವರ ಶಿಷ್ಯರು ಹಾಗೂ ಶ್ರೀಮತಿ ಲಕ್ಷ್ಮಿ ತೇರ್ದಾಲ್ ಅವರ ಶಿಷ್ಯರು ನೃತ್ಯ ಪ್ರದರ್ಶನ ನೀಡಿದ್ದು, ನೃತ್ಯಬಂಧಗಳ ಮೂಲಕ ಭಾರತೀಯ ಶಾಸ್ತ್ರೀಯ ಕಲೆಯ ಭಾವಭರಿತ ಸೊಬಗು ಪ್ರೇಕ್ಷಕರ ಪ್ರಶಂಸೆಗೆ ಪಾತ್ರವಾಯಿತು. ಕಾರ್ಯಕ್ರಮದ ಗೌರವ ಅತಿಥಿಗಳಾಗಿ ಓಇಡಿ ಡೈರೆಕ್ಟರ್ ಜನರಲ್ ಹಾಗೂ ಪೀಸ್ ಅಂಬಾಸಿಡರ್ ಡಾ. ಸರ್ ದೇಶಪ್ರಿಯಾ ಎಸ್. ವಿಜಯತುಂಗ, ಲಯನ್ ಬಿ. ಸರತ್ ಪ್ರೇಮಸಿರಿ ಪೆರೇರಾ, ಲಯನ್ ಇಂಜಿ. ಹೆಚ್.ಬಿ. ಪ್ರೇಮದಾಸ ಮತ್ತು ಲಯನ್ ಎಂ.ಡಿ. ಪ್ರೇಮಚಂದ್ರ ಅವರುಗಳು ಉಪಸ್ಥಿತರಿದ್ದು, ಕಾರ್ಯಕ್ರಮಕ್ಕೆ ಗೌರವದ ಕಳೆಗಳನ್ನು ಹೆಚ್ಚಿಸಿದರು.
